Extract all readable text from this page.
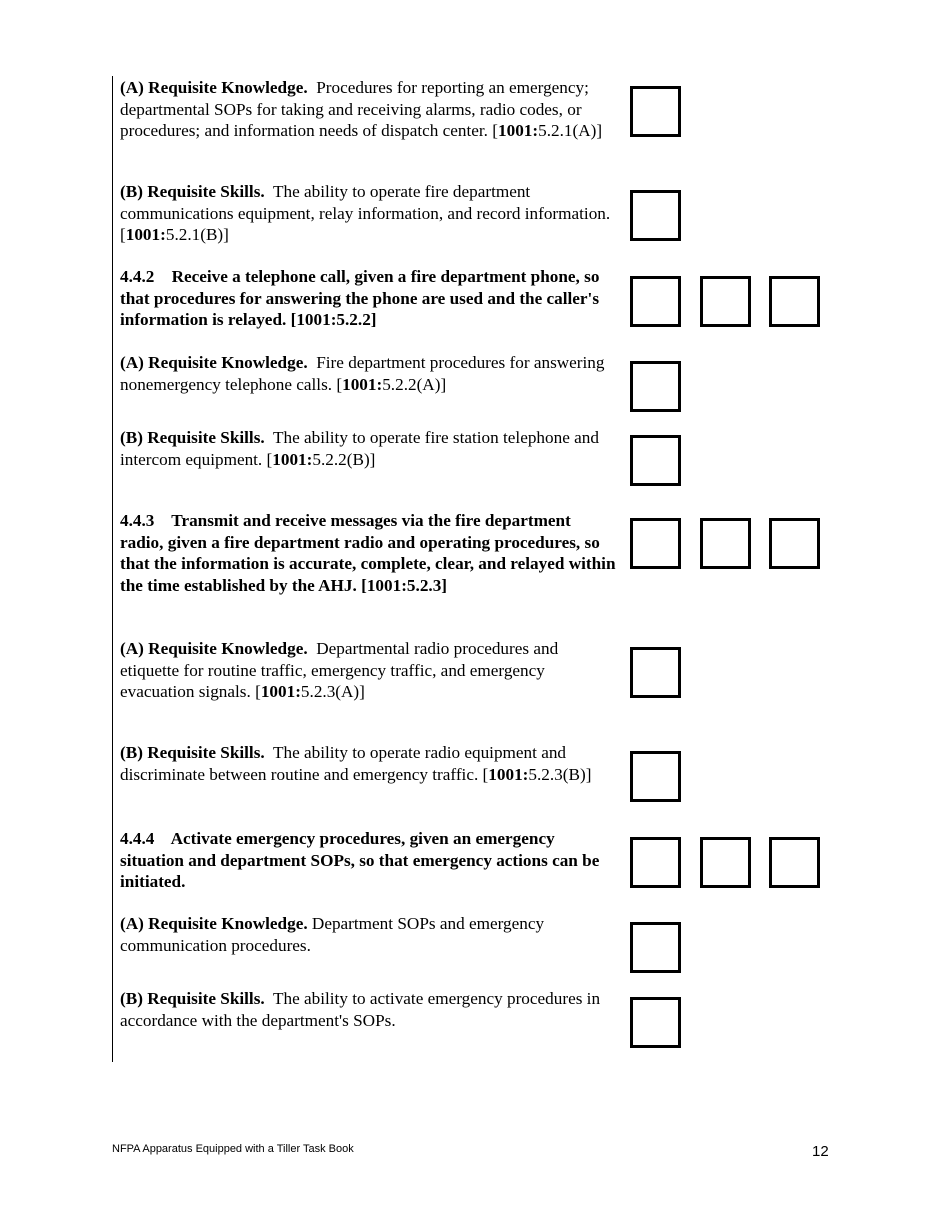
(A) Requisite Knowledge. Procedures for reporting an emergency; departmental SOPs for taking and receiving alarms, radio codes, or procedures; and information needs of dispatch center. [1001:5.2.1(A)]
(B) Requisite Skills. The ability to operate fire department communications equipment, relay information, and record information. [1001:5.2.1(B)]
4.4.2 Receive a telephone call, given a fire department phone, so that procedures for answering the phone are used and the caller's information is relayed. [1001:5.2.2]
(A) Requisite Knowledge. Fire department procedures for answering nonemergency telephone calls. [1001:5.2.2(A)]
(B) Requisite Skills. The ability to operate fire station telephone and intercom equipment. [1001:5.2.2(B)]
4.4.3 Transmit and receive messages via the fire department radio, given a fire department radio and operating procedures, so that the information is accurate, complete, clear, and relayed within the time established by the AHJ. [1001:5.2.3]
(A) Requisite Knowledge. Departmental radio procedures and etiquette for routine traffic, emergency traffic, and emergency evacuation signals. [1001:5.2.3(A)]
(B) Requisite Skills. The ability to operate radio equipment and discriminate between routine and emergency traffic. [1001:5.2.3(B)]
4.4.4 Activate emergency procedures, given an emergency situation and department SOPs, so that emergency actions can be initiated.
(A) Requisite Knowledge. Department SOPs and emergency communication procedures.
(B) Requisite Skills. The ability to activate emergency procedures in accordance with the department's SOPs.
NFPA Apparatus Equipped with a Tiller Task Book	12
